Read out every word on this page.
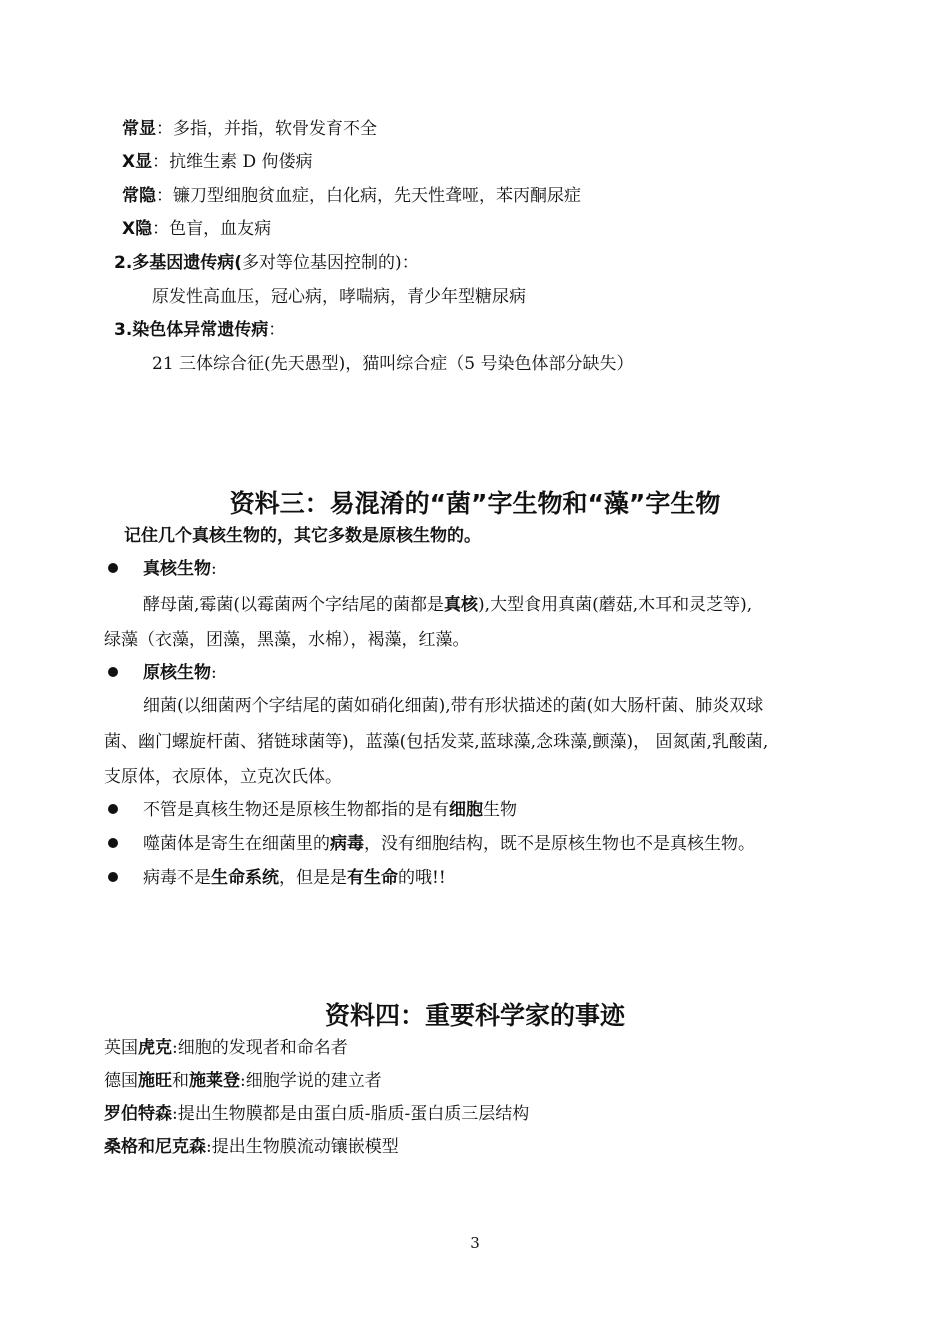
常显：多指，并指，软骨发育不全
X显：抗维生素 D 佝偻病
常隐：镰刀型细胞贫血症，白化病，先天性聋哑，苯丙酮尿症
X隐：色盲，血友病
2.多基因遗传病(多对等位基因控制的)：
原发性高血压，冠心病，哮喘病，青少年型糖尿病
3.染色体异常遗传病：
21 三体综合征(先天愚型)，猫叫综合症（5 号染色体部分缺失）
资料三：易混淆的“菌”字生物和“藻”字生物
记住几个真核生物的，其它多数是原核生物的。
真核生物:
酵母菌,霉菌(以霉菌两个字结尾的菌都是真核),大型食用真菌(蘑菇,木耳和灵芝等),
绿藻（衣藻，团藻，黑藻，水棉），褐藻，红藻。
原核生物:
细菌(以细菌两个字结尾的菌如硝化细菌),带有形状描述的菌(如大肠杆菌、肺炎双球
菌、幽门螺旋杆菌、猪链球菌等)，蓝藻(包括发菜,蓝球藻,念珠藻,颤藻)， 固氮菌,乳酸菌,
支原体，衣原体，立克次氏体。
不管是真核生物还是原核生物都指的是有细胞生物
噬菌体是寄生在细菌里的病毒，没有细胞结构，既不是原核生物也不是真核生物。
病毒不是生命系统，但是是有生命的哦!!
资料四：重要科学家的事迹
英国虎克:细胞的发现者和命名者
德国施旺和施莱登:细胞学说的建立者
罗伯特森:提出生物膜都是由蛋白质-脂质-蛋白质三层结构
桑格和尼克森:提出生物膜流动镶嵌模型
3
